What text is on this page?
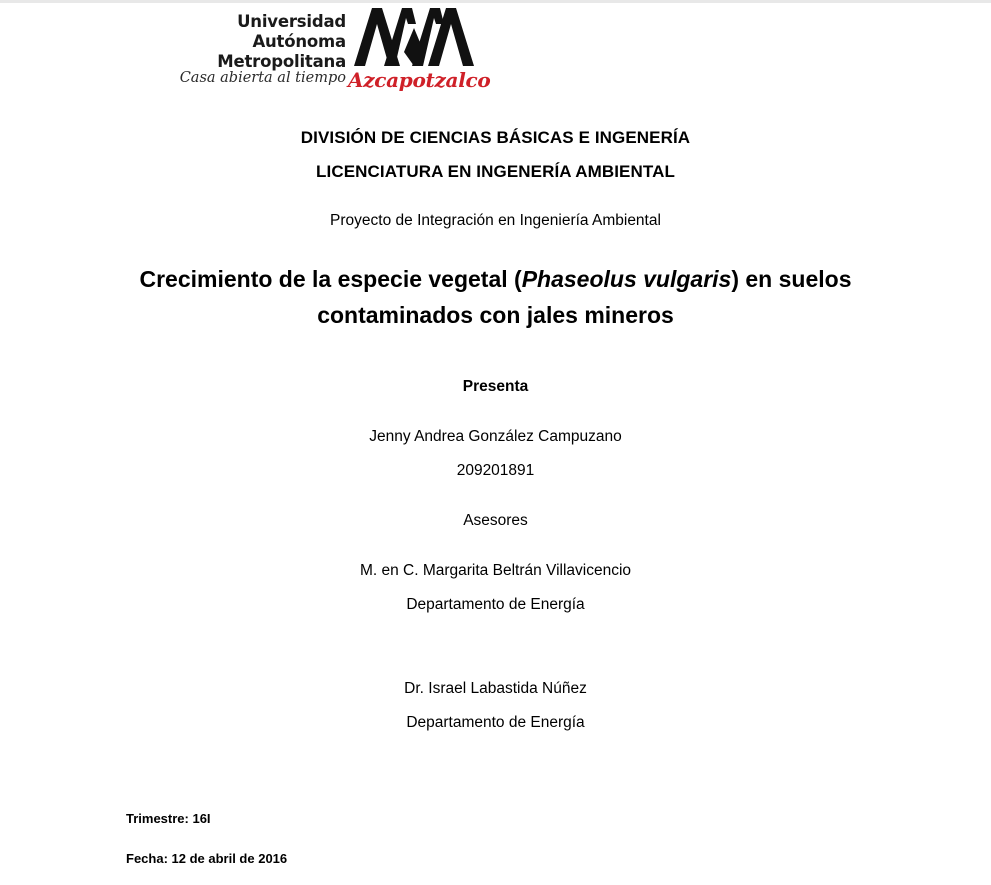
Universidad
Autónoma
Metropolitana
Casa abierta al tiempo Azcapotzalco
DIVISIÓN DE CIENCIAS BÁSICAS E INGENERÍA
LICENCIATURA EN INGENERÍA AMBIENTAL
Proyecto de Integración en Ingeniería Ambiental
Crecimiento de la especie vegetal (Phaseolus vulgaris) en suelos contaminados con jales mineros
Presenta
Jenny Andrea González Campuzano
209201891
Asesores
M. en C. Margarita Beltrán Villavicencio
Departamento de Energía
Dr. Israel Labastida Núñez
Departamento de Energía
Trimestre: 16I
Fecha: 12 de abril de 2016
